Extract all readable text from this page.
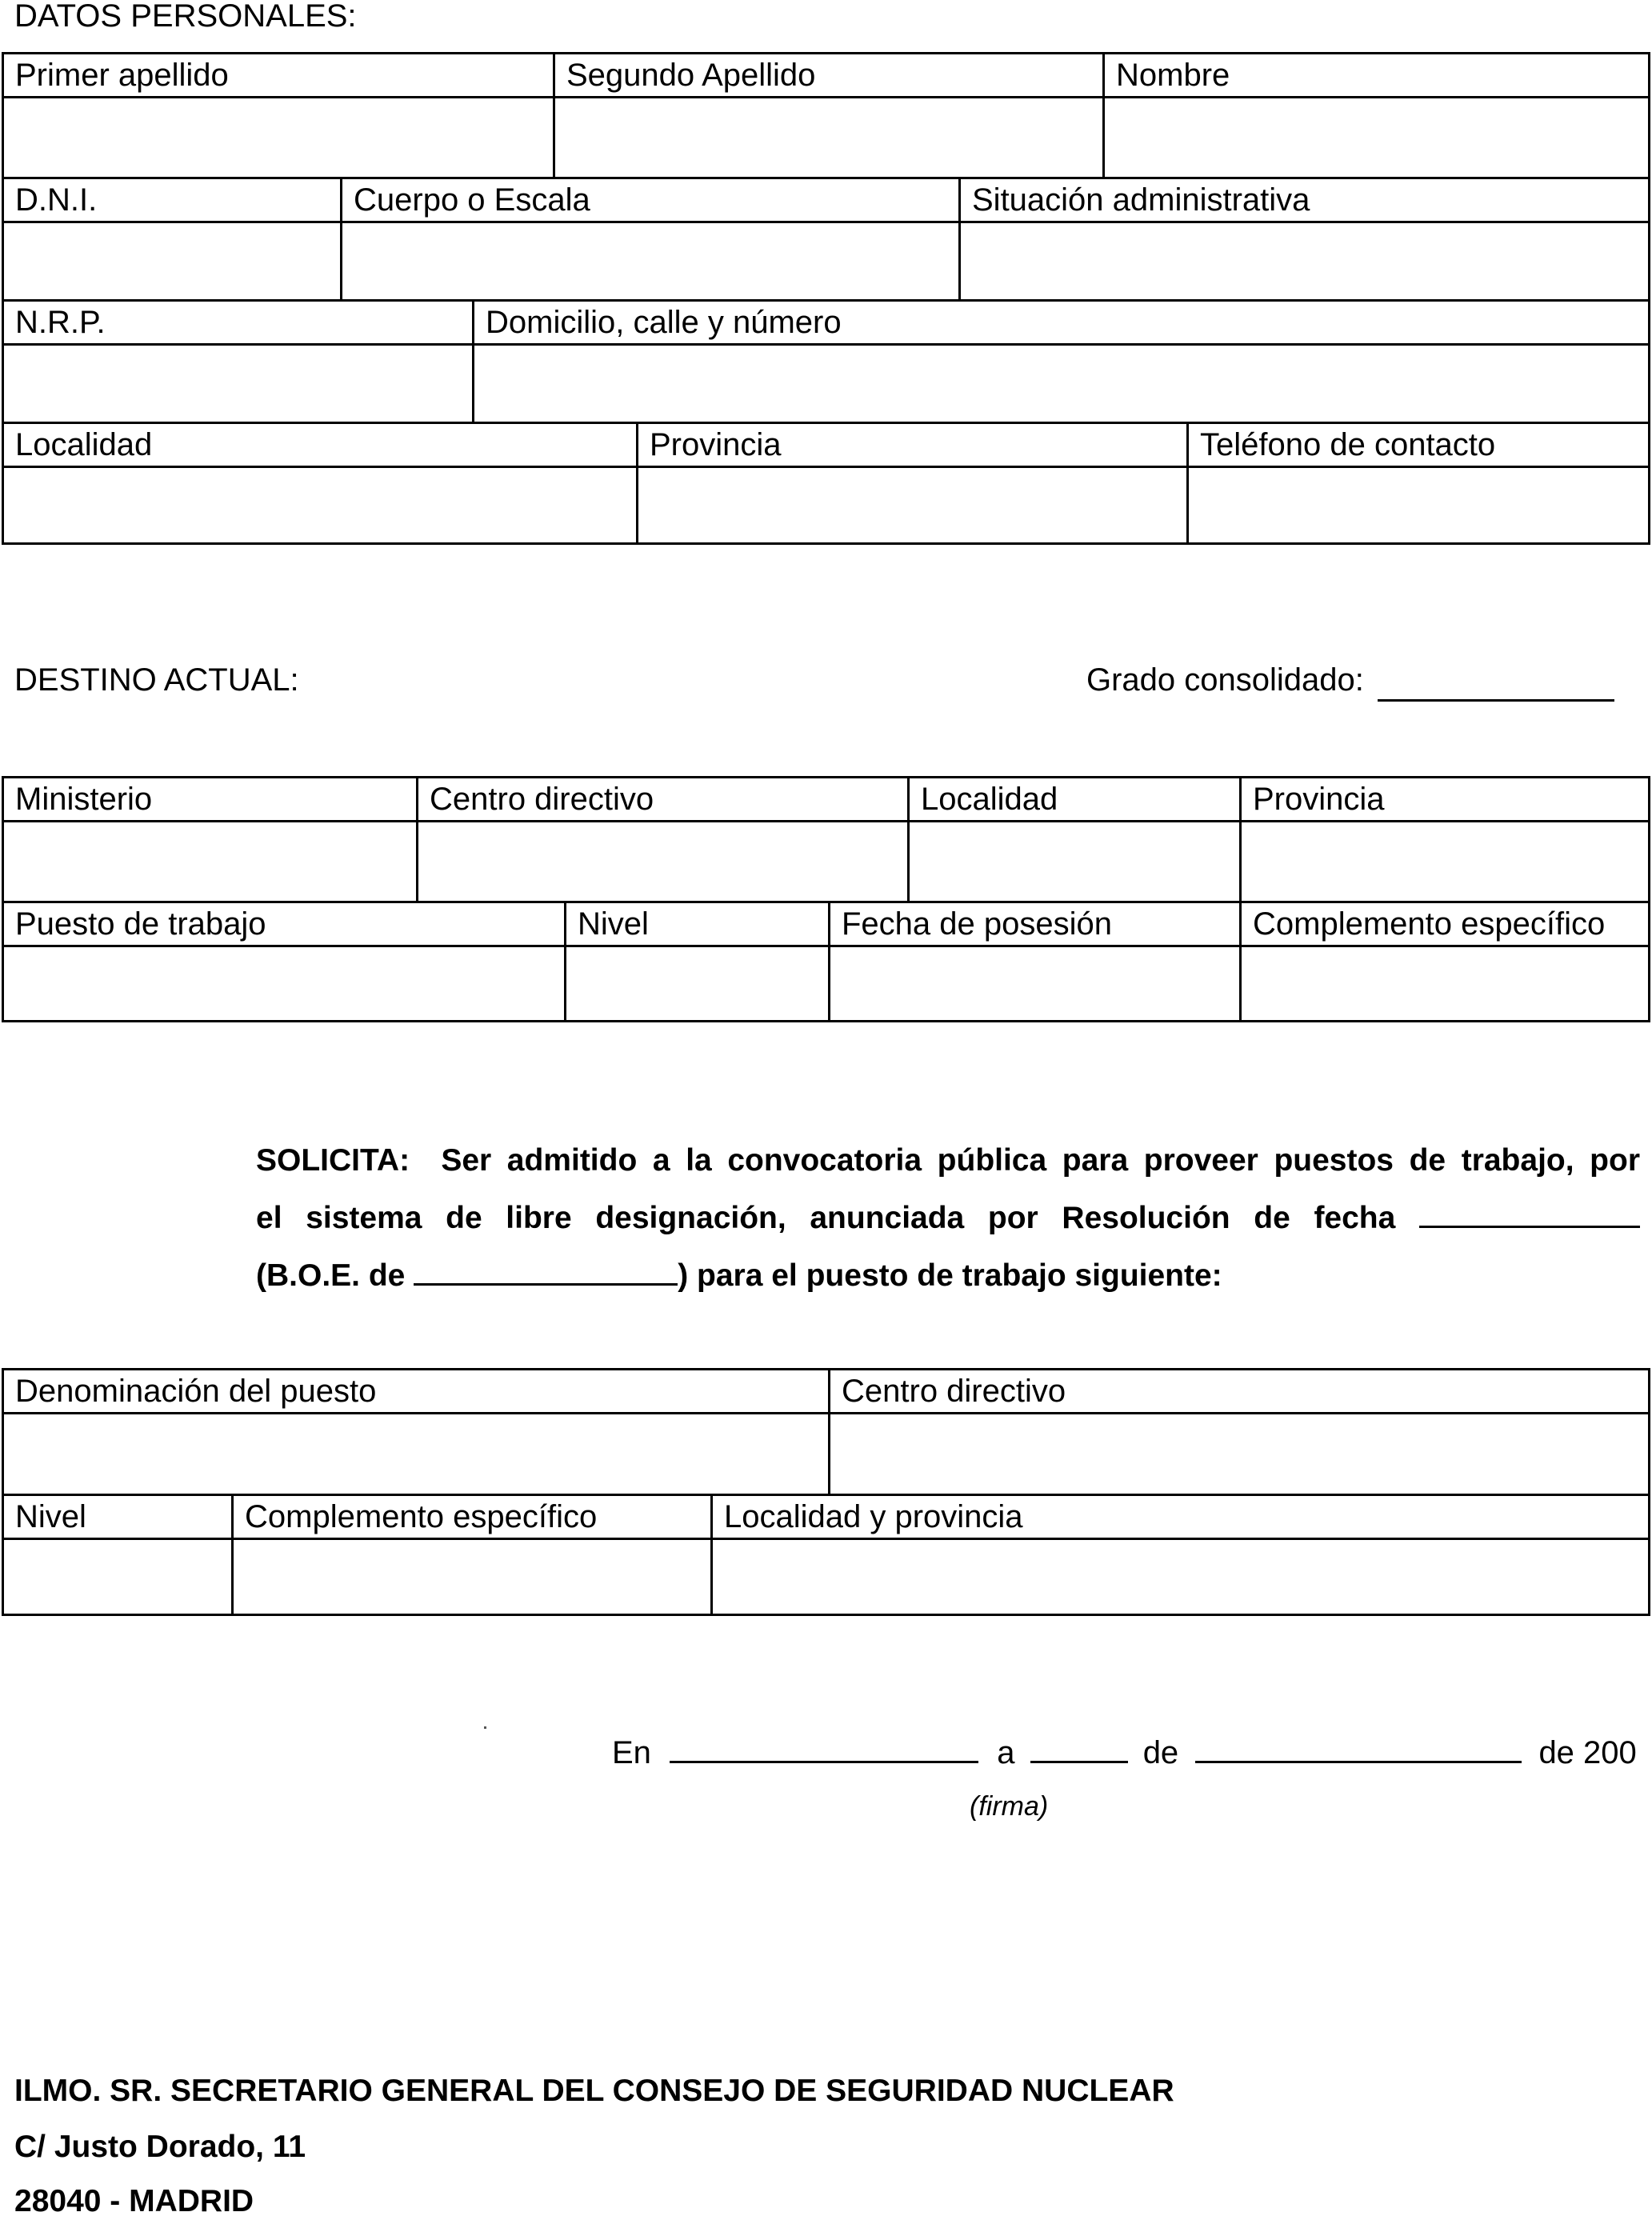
DATOS PERSONALES:
Primer apellido	Segundo Apellido	Nombre
D.N.I.	Cuerpo o Escala	Situación administrativa
N.R.P.	Domicilio, calle y número
Localidad	Provincia	Teléfono de contacto
DESTINO ACTUAL:	Grado consolidado:
Ministerio	Centro directivo	Localidad	Provincia
Puesto de trabajo	Nivel	Fecha de posesión	Complemento específico
SOLICITA: Ser admitido a la convocatoria pública para proveer puestos de trabajo, por
el sistema de libre designación, anunciada por Resolución de fecha
(B.O.E. de	) para el puesto de trabajo siguiente:
Denominación del puesto	Centro directivo
Nivel	Complemento específico	Localidad y provincia
En	a	de	de 200
(firma)
ILMO. SR. SECRETARIO GENERAL DEL CONSEJO DE SEGURIDAD NUCLEAR
C/ Justo Dorado, 11
28040 - MADRID
